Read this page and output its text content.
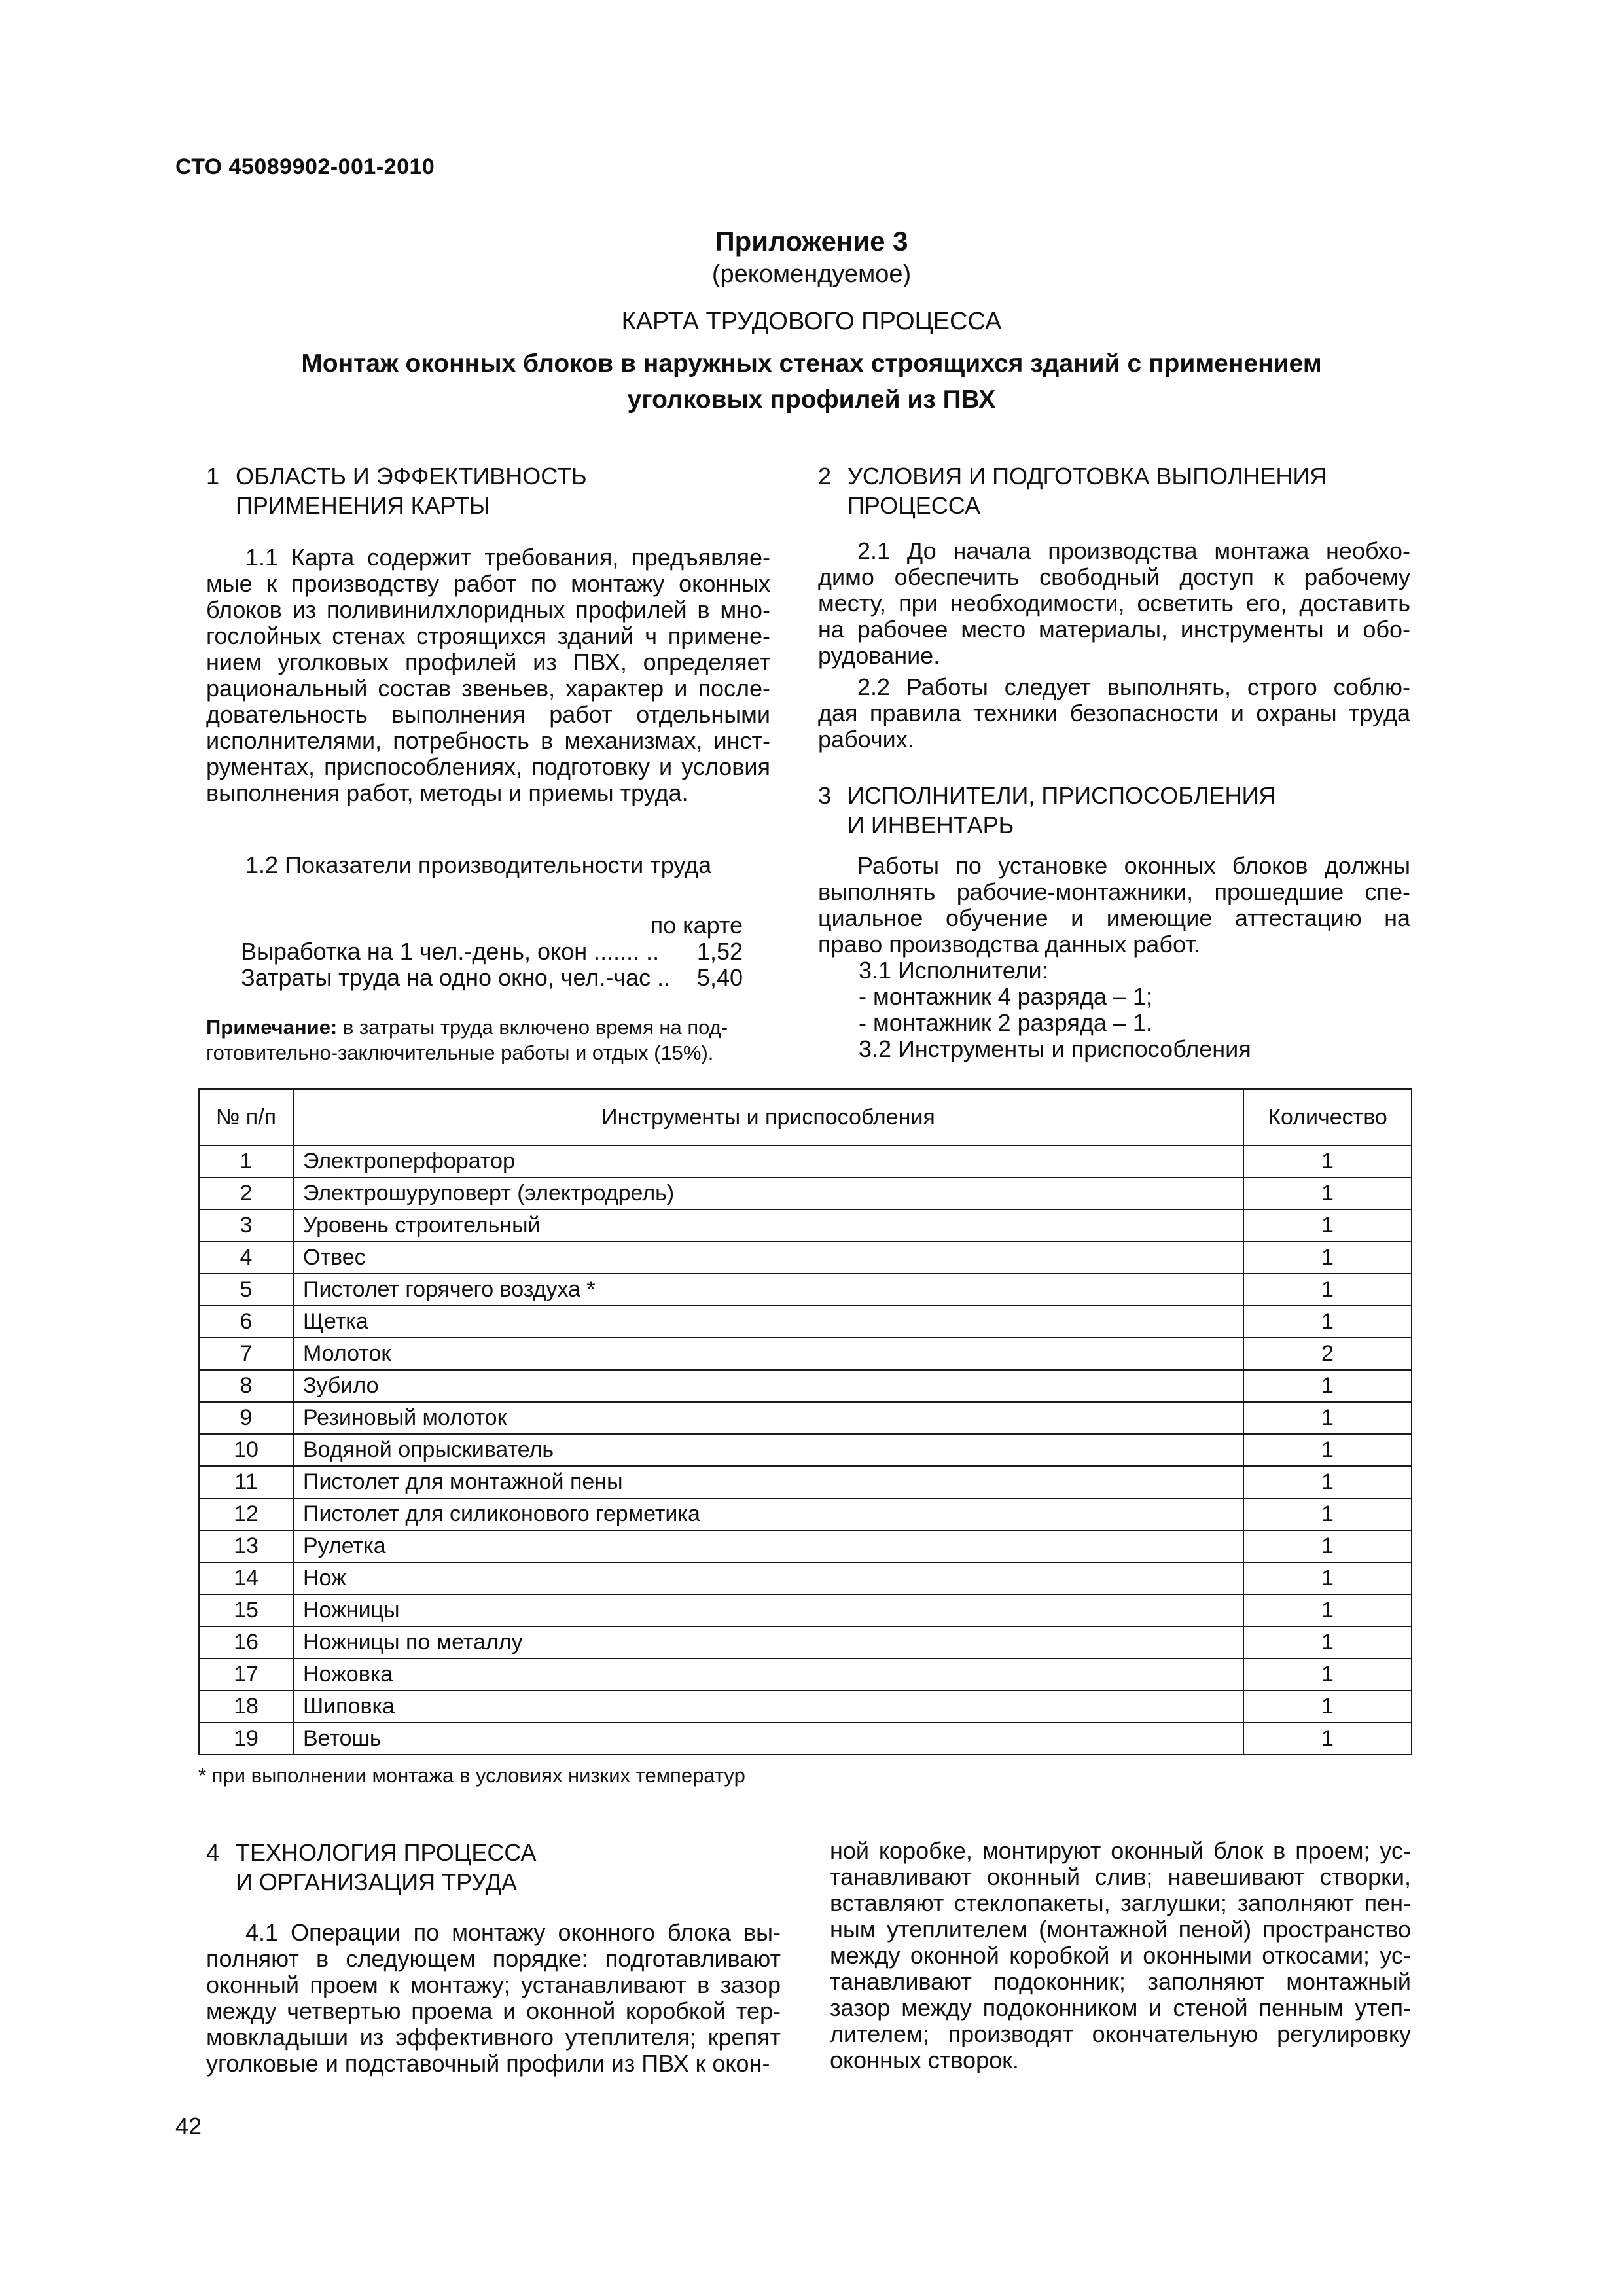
СТО 45089902-001-2010
Приложение 3
(рекомендуемое)
КАРТА ТРУДОВОГО ПРОЦЕССА
Монтаж оконных блоков в наружных стенах строящихся зданий с применением
уголковых профилей из ПВХ
1 ОБЛАСТЬ И ЭФФЕКТИВНОСТЬ
ПРИМЕНЕНИЯ КАРТЫ
1.1 Карта содержит требования, предъявляе-
мые к производству работ по монтажу оконных
блоков из поливинилхлоридных профилей в мно-
гослойных стенах строящихся зданий ч примене-
нием уголковых профилей из ПВХ, определяет
рациональный состав звеньев, характер и после-
довательность выполнения работ отдельными
исполнителями, потребность в механизмах, инст-
рументах, приспособлениях, подготовку и условия
выполнения работ, методы и приемы труда.

1.2 Показатели производительности труда

по карте
Выработка на 1 чел.-день, окон ....... .. 1,52
Затраты труда на одно окно, чел.-час .. 5,40

Примечание: в затраты труда включено время на под-

готовительно-заключительные работы и отдых (15%).

2 УСЛОВИЯ И ПОДГОТОВКА ВЫПОЛНЕНИЯ
ПРОЦЕССА
2.1 До начала производства монтажа необхо-
димо обеспечить свободный доступ к рабочему
месту, при необходимости, осветить его, доставить
на рабочее место материалы, инструменты и обо-
рудование.
2.2 Работы следует выполнять, строго соблю-
дая правила техники безопасности и охраны труда
рабочих.
3 ИСПОЛНИТЕЛИ, ПРИСПОСОБЛЕНИЯ
И ИНВЕНТАРЬ
Работы по установке оконных блоков должны
выполнять рабочие-монтажники, прошедшие спе-
циальное обучение и имеющие аттестацию на
право производства данных работ.
3.1 Исполнители:
- монтажник 4 разряда – 1;
- монтажник 2 разряда – 1.
3.2 Инструменты и приспособления
№ п/п	Инструменты и приспособления	Количество
1	Электроперфоратор	1
2	Электрошуруповерт (электродрель)	1
3	Уровень строительный	1
4	Отвес	1
5	Пистолет горячего воздуха *	1
6	Щетка	1
7	Молоток	2
8	Зубило	1
9	Резиновый молоток	1
10	Водяной опрыскиватель	1
11	Пистолет для монтажной пены	1
12	Пистолет для силиконового герметика	1
13	Рулетка	1
14	Нож	1
15	Ножницы	1
16	Ножницы по металлу	1
17	Ножовка	1
18	Шиповка	1
19	Ветошь	1
* при выполнении монтажа в условиях низких температур
4 ТЕХНОЛОГИЯ ПРОЦЕССА
И ОРГАНИЗАЦИЯ ТРУДА
4.1 Операции по монтажу оконного блока вы-
полняют в следующем порядке: подготавливают
оконный проем к монтажу; устанавливают в зазор
между четвертью проема и оконной коробкой тер-
мовкладыши из эффективного утеплителя; крепят
уголковые и подставочный профили из ПВХ к окон-
ной коробке, монтируют оконный блок в проем; ус-
танавливают оконный слив; навешивают створки,
вставляют стеклопакеты, заглушки; заполняют пен-
ным утеплителем (монтажной пеной) пространство
между оконной коробкой и оконными откосами; ус-
танавливают подоконник; заполняют монтажный
зазор между подоконником и стеной пенным утеп-
лителем; производят окончательную регулировку
оконных створок.
42
